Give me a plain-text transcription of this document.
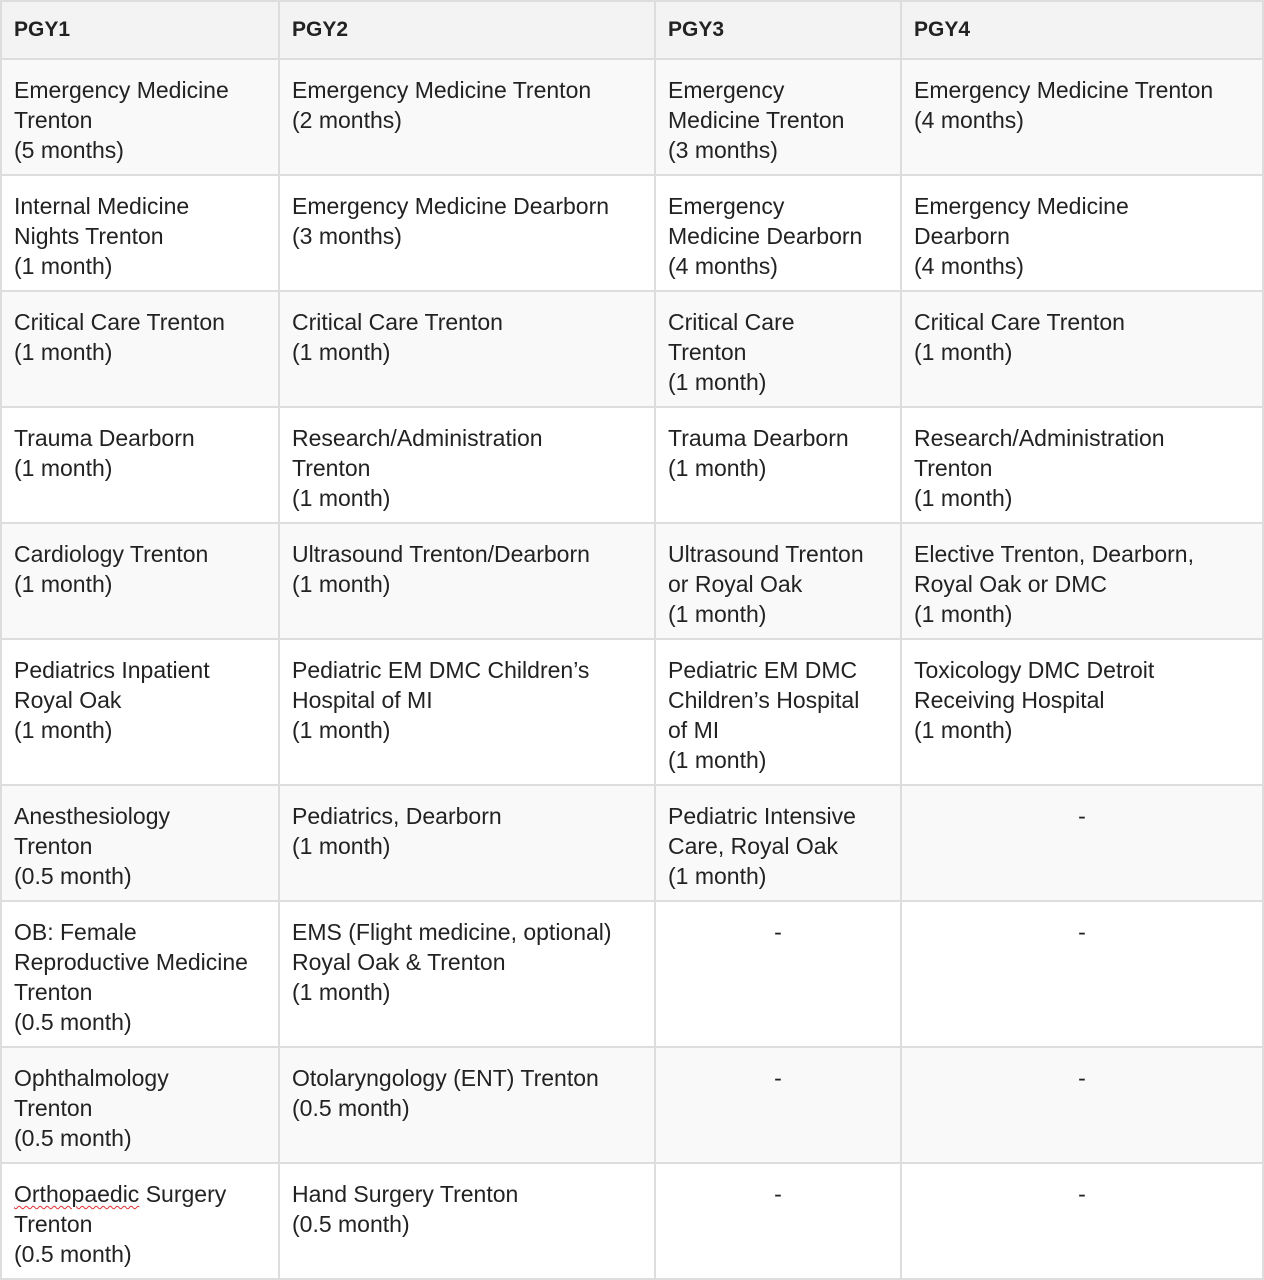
PGY1	PGY2	PGY3	PGY4

Emergency Medicine
Trenton
(5 months)	Emergency Medicine Trenton
(2 months)	Emergency
Medicine Trenton
(3 months)	Emergency Medicine Trenton
(4 months)

Internal Medicine
Nights Trenton
(1 month)	Emergency Medicine Dearborn
(3 months)	Emergency
Medicine Dearborn
(4 months)	Emergency Medicine
Dearborn
(4 months)

Critical Care Trenton
(1 month)	Critical Care Trenton
(1 month)	Critical Care
Trenton
(1 month)	Critical Care Trenton
(1 month)

Trauma Dearborn
(1 month)	Research/Administration
Trenton
(1 month)	Trauma Dearborn
(1 month)	Research/Administration
Trenton
(1 month)

Cardiology Trenton
(1 month)	Ultrasound Trenton/Dearborn
(1 month)	Ultrasound Trenton
or Royal Oak
(1 month)	Elective Trenton, Dearborn,
Royal Oak or DMC
(1 month)

Pediatrics Inpatient
Royal Oak
(1 month)	Pediatric EM DMC Children’s
Hospital of MI
(1 month)	Pediatric EM DMC
Children’s Hospital
of MI
(1 month)	Toxicology DMC Detroit
Receiving Hospital
(1 month)

Anesthesiology
Trenton
(0.5 month)	Pediatrics, Dearborn
(1 month)	Pediatric Intensive
Care, Royal Oak
(1 month)	-

OB: Female
Reproductive Medicine
Trenton
(0.5 month)	EMS (Flight medicine, optional)
Royal Oak & Trenton
(1 month)	-	-

Ophthalmology
Trenton
(0.5 month)	Otolaryngology (ENT) Trenton
(0.5 month)	-	-

Orthopaedic Surgery
Trenton
(0.5 month)	Hand Surgery Trenton
(0.5 month)	-	-
